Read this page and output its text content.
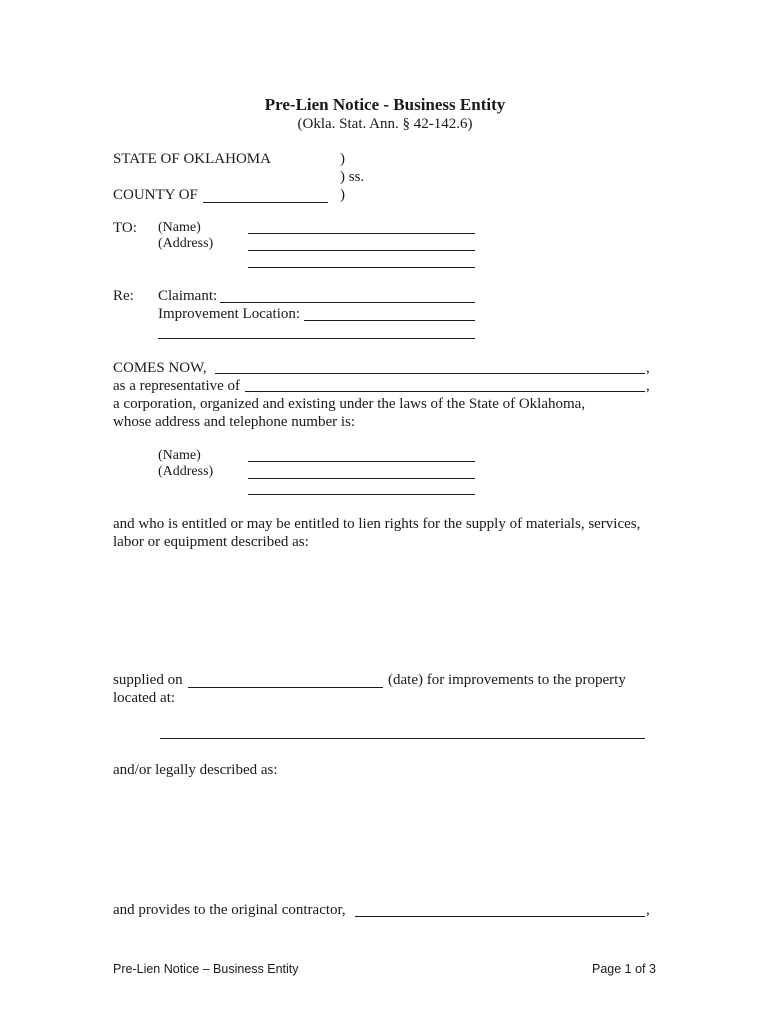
Pre-Lien Notice - Business Entity
(Okla. Stat. Ann. § 42-142.6)
STATE OF OKLAHOMA	)
) ss.
COUNTY OF	)
TO: (Name)
(Address)
Re: Claimant:
Improvement Location:
COMES NOW,	,
as a representative of	,
a corporation, organized and existing under the laws of the State of Oklahoma,
whose address and telephone number is:
(Name)
(Address)
and who is entitled or may be entitled to lien rights for the supply of materials, services,
labor or equipment described as:
supplied on	(date) for improvements to the property
located at:
and/or legally described as:
and provides to the original contractor,	,
Pre-Lien Notice – Business Entity	Page 1 of 3
